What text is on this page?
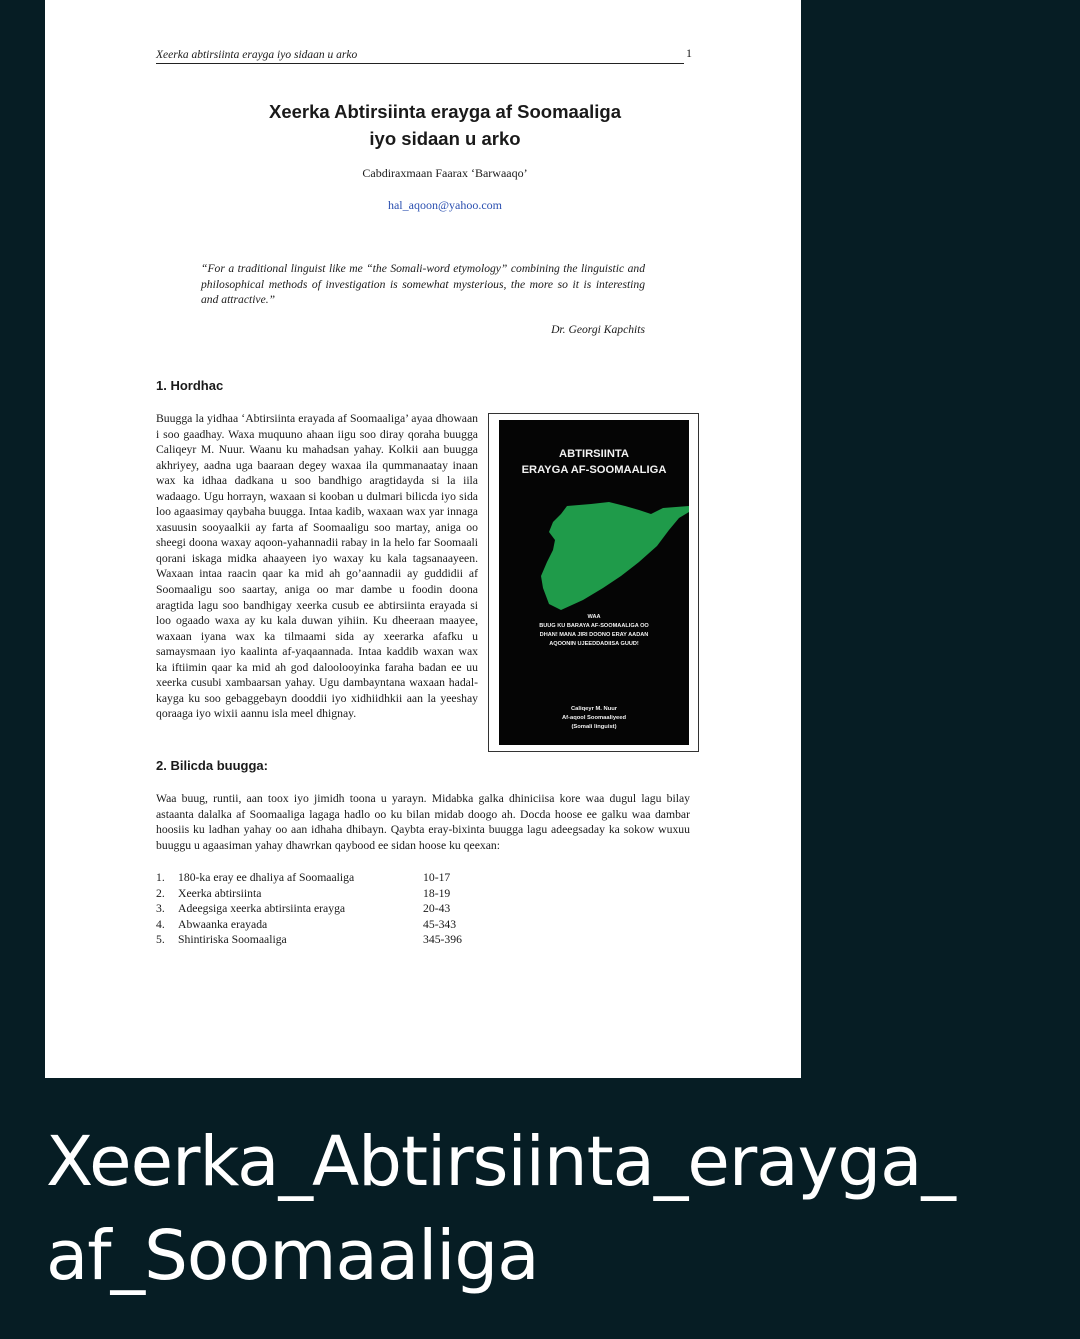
Xeerka abtirsiinta erayga iyo sidaan u arko	1
Xeerka Abtirsiinta erayga af Soomaaliga
iyo sidaan u arko
Cabdiraxmaan Faarax ‘Barwaaqo’
hal_aqoon@yahoo.com
“For a traditional linguist like me “the Somali-word etymology” combining the linguistic and philosophical methods of investigation is somewhat mysterious, the more so it is interesting and attractive.”
Dr. Georgi Kapchits
1. Hordhac

Buugga la yidhaa ‘Abtirsiinta erayada af Soomaaliga’ ayaa dhowaan i soo gaadhay. Waxa muquuno ahaan iigu soo diray qoraha buugga Caliqeyr M. Nuur. Waanu ku mahadsan yahay. Kolkii aan buugga akhriyey, aadna uga baaraan degey waxaa ila qummanaatay inaan wax ka idhaa dadkana u soo bandhigo aragtidayda si la iila wadaago. Ugu horrayn, waxaan si kooban u dulmari bilicda iyo sida loo agaasimay qaybaha buugga. Intaa kadib, waxaan wax yar innaga xasuusin sooyaalkii ay farta af Soomaaligu soo martay, aniga oo sheegi doona waxay aqoon-yahannadii rabay in la helo far Soomaali qorani iskaga midka ahaayeen iyo waxay ku kala tagsanaayeen. Waxaan intaa raacin qaar ka mid ah go’aannadii ay guddidii af Soomaaligu soo saartay, aniga oo mar dambe u foodin doona aragtida lagu soo bandhigay xeerka cusub ee abtirsiinta erayada si loo ogaado waxa ay ku kala duwan yihiin. Ku dheeraan maayee, waxaan iyana wax ka tilmaami sida ay xeerarka afafku u samaysmaan iyo kaalinta af-yaqaannada. Intaa kaddib waxan wax ka iftiimin qaar ka mid ah god daloolooyinka faraha badan ee uu xeerka cusubi xambaarsan yahay. Ugu dambayntana waxaan hadal-kayga ku soo gebaggebayn dooddii iyo xidhiidhkii aan la yeeshay qoraaga iyo wixii aannu isla meel dhignay.

ABTIRSIINTA
ERAYGA AF-SOOMAALIGA
WAA
BUUG KU BARAYA AF-SOOMAALIGA OO
DHAN! MANA JIRI DOONO ERAY AADAN
AQOONIN UJEEDDADIISA GUUD!
Caliqeyr M. Nuur
Af-aqool Soomaaliyeed
(Somali linguist)
2. Bilicda buugga:

Waa buug, runtii, aan toox iyo jimidh toona u yarayn. Midabka galka dhiniciisa kore waa dugul lagu bilay astaanta dalalka af Soomaaliga lagaga hadlo oo ku bilan midab doogo ah. Docda hoose ee galku waa dambar hoosiis ku ladhan yahay oo aan idhaha dhibayn. Qaybta eray-bixinta buugga lagu adeegsaday ka sokow wuxuu buuggu u agaasiman yahay dhawrkan qaybood ee sidan hoose ku qeexan:

1. 180-ka eray ee dhaliya af Soomaaliga	10-17
2. Xeerka abtirsiinta	18-19
3. Adeegsiga xeerka abtirsiinta erayga	20-43
4. Abwaanka erayada	45-343
5. Shintiriska Soomaaliga	345-396
Xeerka_Abtirsiinta_erayga_
af_Soomaaliga
